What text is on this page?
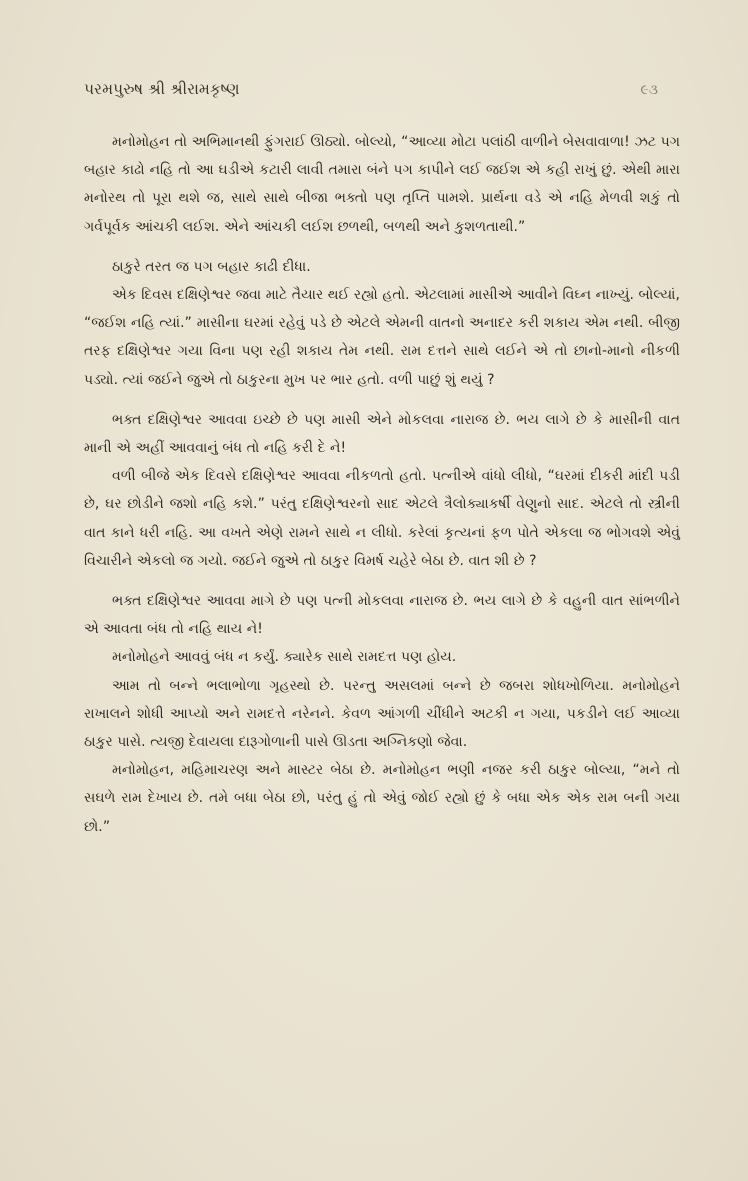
પરમપુરુષ શ્રી શ્રીરામકૃષ્ણ	૯૩

મનોમોહન તો અભિમાનથી ફુંગરાઈ ઊઠ્યો. બોલ્યો, “આવ્યા મોટા પલાંઠી વાળીને બેસવાવાળા! ઝટ પગ બહાર કાઢો નહિ તો આ ઘડીએ કટારી લાવી તમારા બંને પગ કાપીને લઈ જઈશ એ કહી રાખું છું. એથી મારા મનોરથ તો પૂરા થશે જ, સાથે સાથે બીજા ભક્તો પણ તૃપ્તિ પામશે. પ્રાર્થના વડે એ નહિ મેળવી શકું તો ગર્વપૂર્વક આંચકી લઈશ. એને આંચકી લઈશ છળથી, બળથી અને કુશળતાથી.”

ઠાકુરે તરત જ પગ બહાર કાઢી દીધા.

એક દિવસ દક્ષિણેશ્વર જવા માટે તૈયાર થઈ રહ્યો હતો. એટલામાં માસીએ આવીને વિઘ્ન નાખ્યું. બોલ્યાં, “જઈશ નહિ ત્યાં.” માસીના ઘરમાં રહેવું પડે છે એટલે એમની વાતનો અનાદર કરી શકાય એમ નથી. બીજી તરફ દક્ષિણેશ્વર ગયા વિના પણ રહી શકાય તેમ નથી. રામ દત્તને સાથે લઈને એ તો છાનો-માનો નીકળી પડ્યો. ત્યાં જઈને જુએ તો ઠાકુરના મુખ પર ભાર હતો. વળી પાછું શું થયું ?

ભક્ત દક્ષિણેશ્વર આવવા ઇચ્છે છે પણ માસી એને મોકલવા નારાજ છે. ભય લાગે છે કે માસીની વાત માની એ અહીં આવવાનું બંધ તો નહિ કરી દે ને!

વળી બીજે એક દિવસે દક્ષિણેશ્વર આવવા નીકળતો હતો. પત્નીએ વાંધો લીધો, “ઘરમાં દીકરી માંદી પડી છે, ઘર છોડીને જશો નહિ કશે.” પરંતુ દક્ષિણેશ્વરનો સાદ એટલે ત્રૈલોક્યાકર્ષી વેણુનો સાદ. એટલે તો સ્ત્રીની વાત કાને ધરી નહિ. આ વખતે એણે રામને સાથે ન લીધો. કરેલાં કૃત્યનાં ફળ પોતે એકલા જ ભોગવશે એવું વિચારીને એકલો જ ગયો. જઈને જુએ તો ઠાકુર વિમર્ષ ચહેરે બેઠા છે. વાત શી છે ?

ભક્ત દક્ષિણેશ્વર આવવા માગે છે પણ પત્ની મોકલવા નારાજ છે. ભય લાગે છે કે વહુની વાત સાંભળીને એ આવતા બંધ તો નહિ થાય ને!

મનોમોહને આવવું બંધ ન કર્યું. ક્યારેક સાથે રામદત્ત પણ હોય.

આમ તો બન્ને ભલાભોળા ગૃહસ્થો છે. પરન્તુ અસલમાં બન્ને છે જબરા શોધખોળિયા. મનોમોહને રાખાલને શોધી આપ્યો અને રામદત્તે નરેનને. કેવળ આંગળી ચીંધીને અટકી ન ગયા, પકડીને લઈ આવ્યા ઠાકુર પાસે. ત્યજી દેવાયલા દારૂગોળાની પાસે ઊડતા અગ્નિકણો જેવા.

મનોમોહન, મહિમાચરણ અને માસ્ટર બેઠા છે. મનોમોહન ભણી નજર કરી ઠાકુર બોલ્યા, “મને તો સઘળે રામ દેખાય છે. તમે બધા બેઠા છો, પરંતુ હું તો એવું જોઈ રહ્યો છું કે બધા એક એક રામ બની ગયા છો.”
